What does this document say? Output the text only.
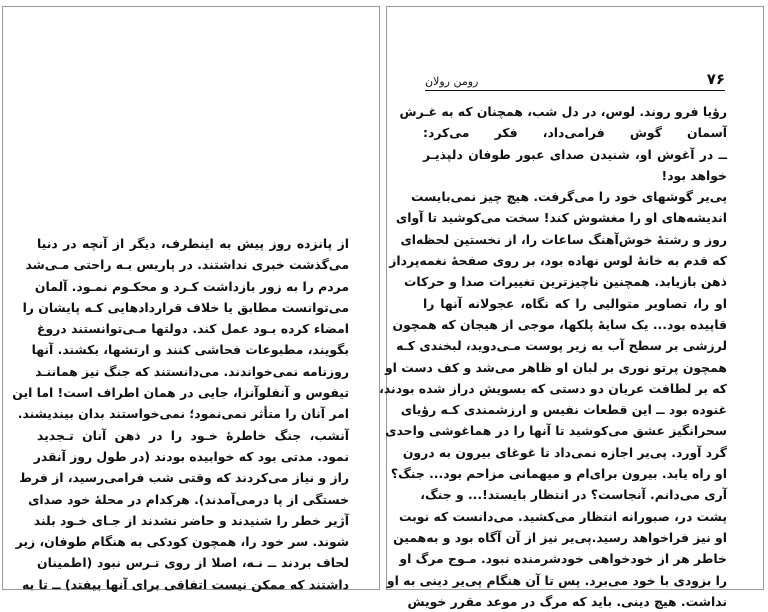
از پانزده روز پیش به اینطرف، دیگر از آنچه در دنیا
می‌گذشت خبری نداشتند. در پاریس بـه راحتی مـی‌شد
مردم را به زور بازداشت کـرد و محکـوم نمـود. آلمان
می‌توانست مطابق یا خلاف قراردادهایی کـه پایشان را
امضاء کرده بـود عمل کند. دولتها مـی‌توانستند دروغ
بگویند، مطبوعات فحاشی کنند و ارتشها، بکشند. آنها
روزنامه نمی‌خواندند. می‌دانستند که جنگ نیز هماننـد
تیفوس و آنفلوآنزا، جایی در همان اطراف است! اما این
امر آنان را متأثر نمی‌نمود؛ نمی‌خواستند بدان بیندیشند.
آنشب، جنگ خاطرهٔ خـود را در ذهن آنان تـجدید
نمود. مدتی بود که خوابیده بودند (در طول روز آنقدر
راز و نیاز می‌کردند که وقتی شب فرامی‌رسید، از فرط
خستگی از پا درمی‌آمدند). هرکدام در محلهٔ خود صدای
آژیر خطر را شنیدند و حاضر نشدند از جـای خـود بلند
شوند. سر خود را، همچون کودکی به هنگام طوفان، زیر
لحاف بردند ــ نـه، اصلا از روی تـرس نبود (اطمینان
داشتند که ممکن نیست اتفاقی برای آنها بیفتد) ــ تا به
۷۶
رومن رولان
رؤیا فرو روند. لوس، در دل شب، همچنان که به غـرش
آسمان گوش فرامی‌داد، فکر می‌کرد:
ــ در آغوش او، شنیدن صدای عبور طوفان دلپذیـر
خواهد بود!
پی‌یر گوشهای خود را می‌گرفت. هیچ چیز نمی‌بایست
اندیشه‌های او را مغشوش کند! سخت می‌کوشید تا آوای
روز و رشتهٔ خوش‌آهنگ ساعات را، از نخستین لحظه‌ای
که قدم به خانهٔ لوس نهاده بود، بر روی صفحهٔ نغمه‌پرداز
ذهن بازیابد. همچنین ناچیزترین تغییرات صدا و حرکات
او را، تصاویر متوالیی را که نگاه، عجولانه آنها را
قاپیده بود... یک سایهٔ پلکها، موجی از هیجان که همچون
لرزشی بر سطح آب به زیر پوست مـی‌دوید، لبخندی کـه
همچون پرتو نوری بر لبان او ظاهر می‌شد و کف دست او
که بر لطافت عریان دو دستی که بسویش دراز شده بودند،
غنوده بود ــ این قطعات نفیس و ارزشمندی کـه رؤیای
سحرانگیز عشق می‌کوشید تا آنها را در هماغوشی واحدی
گرد آورد. پی‌یر اجازه نمی‌داد تا غوغای بیرون به درون
او راه یابد. بیرون برای‌ام و میهمانی مزاحم بود... جنگ؟
آری می‌دانم. آنجاست؟ در انتظار بایستد!... و جنگ،
پشت در، صبورانه انتظار می‌کشید. می‌دانست که نوبت
او نیز فراخواهد رسید.پی‌یر نیز از آن آگاه بود و به‌همین
خاطر هر از خودخواهی خودشرمنده نبود. مـوج مرگ او
را بزودی با خود می‌برد. پس تا آن هنگام پی‌یر دینی به او
نداشت. هیچ دینی. باید که مرگ در موعد مقرر خویش
